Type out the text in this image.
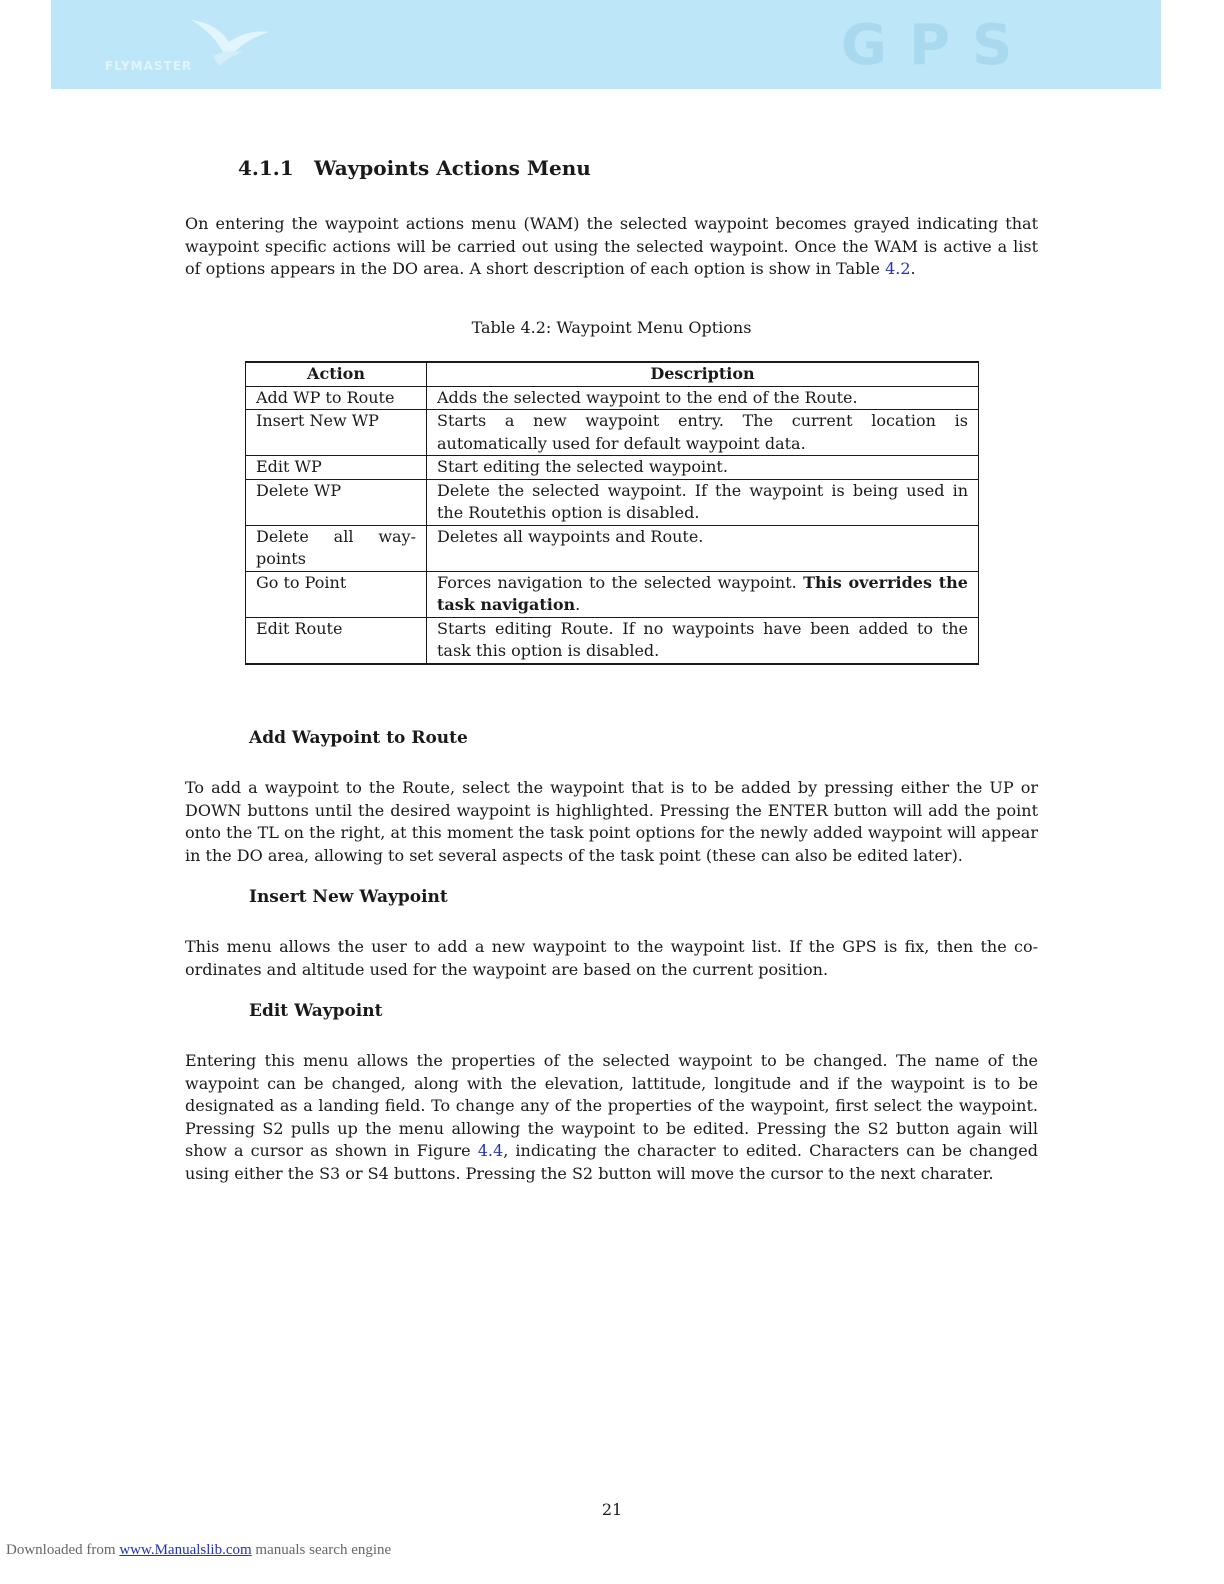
FLYMASTER	GPS
4.1.1 Waypoints Actions Menu

On entering the waypoint actions menu (WAM) the selected waypoint becomes grayed indicating that waypoint specific actions will be carried out using the selected waypoint. Once the WAM is active a list of options appears in the DO area. A short description of each option is show in Table 4.2.

Table 4.2: Waypoint Menu Options
Action	Description
Add WP to Route	Adds the selected waypoint to the end of the Route.
Insert New WP	Starts a new waypoint entry. The current location is automatically used for default waypoint data.
Edit WP	Start editing the selected waypoint.
Delete WP	Delete the selected waypoint. If the waypoint is being used in the Routethis option is disabled.
Delete all way-points	Deletes all waypoints and Route.
Go to Point	Forces navigation to the selected waypoint. This overrides the task navigation.
Edit Route	Starts editing Route. If no waypoints have been added to the task this option is disabled.
Add Waypoint to Route

To add a waypoint to the Route, select the waypoint that is to be added by pressing either the UP or DOWN buttons until the desired waypoint is highlighted. Pressing the ENTER button will add the point onto the TL on the right, at this moment the task point options for the newly added waypoint will appear in the DO area, allowing to set several aspects of the task point (these can also be edited later).

Insert New Waypoint

This menu allows the user to add a new waypoint to the waypoint list. If the GPS is fix, then the co-ordinates and altitude used for the waypoint are based on the current position.

Edit Waypoint

Entering this menu allows the properties of the selected waypoint to be changed. The name of the waypoint can be changed, along with the elevation, lattitude, longitude and if the waypoint is to be designated as a landing field. To change any of the properties of the waypoint, first select the waypoint. Pressing S2 pulls up the menu allowing the waypoint to be edited. Pressing the S2 button again will show a cursor as shown in Figure 4.4, indicating the character to edited. Characters can be changed using either the S3 or S4 buttons. Pressing the S2 button will move the cursor to the next charater.

21
Downloaded from www.Manualslib.com manuals search engine
